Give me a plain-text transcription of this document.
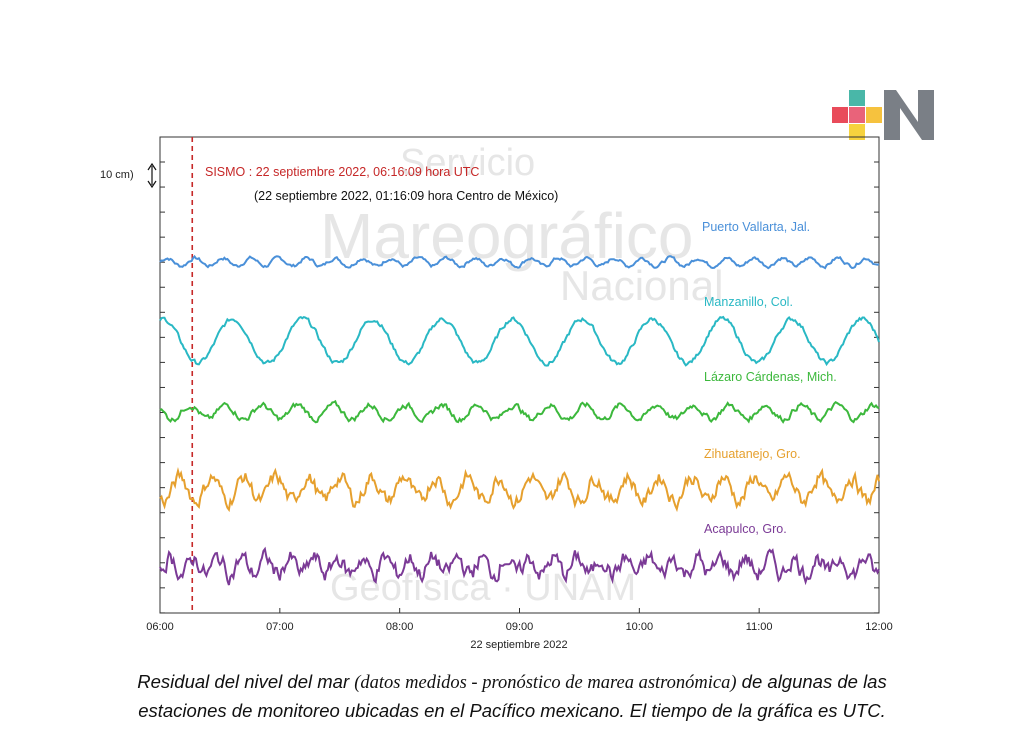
Servicio
Mareográfico
Nacional
Geofísica · UNAM
06:00	07:00	08:00	09:00	10:00	11:00	12:00
10 cm)	SISMO : 22 septiembre 2022, 06:16:09 hora UTC
(22 septiembre 2022, 01:16:09 hora Centro de México)
Puerto Vallarta, Jal.
Manzanillo, Col.
Lázaro Cárdenas, Mich.
Zihuatanejo, Gro.
Acapulco, Gro.
22 septiembre 2022
Residual del nivel del mar (datos medidos - pronóstico de marea astronómica) de algunas de las
estaciones de monitoreo ubicadas en el Pacífico mexicano. El tiempo de la gráfica es UTC.
